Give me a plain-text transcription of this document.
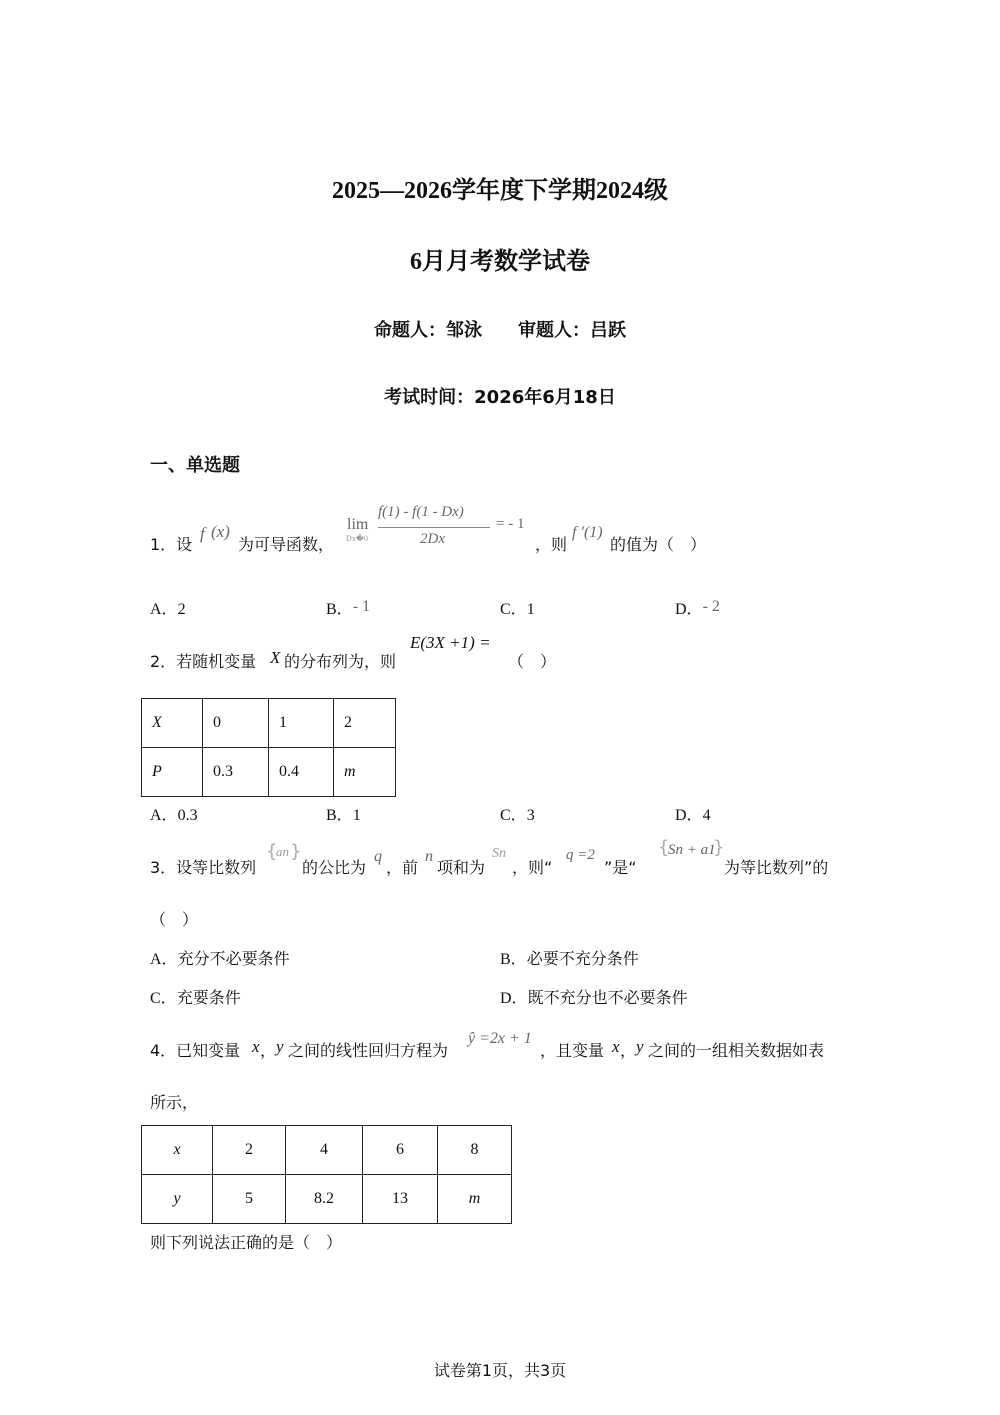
2025—2026学年度下学期2024级
6月月考数学试卷
命题人：邹泳　　审题人：吕跃
考试时间：2026年6月18日
一、单选题
1．设
f (x)
为可导函数，
lim
Dx�0
f(1) - f(1 - Dx)
2Dx
= - 1
，则
f ′(1)
的值为（　）
A．2	B．- 1	C．1	D．- 2
2．若随机变量 X 的分布列为，则
E(3X +1) =
（　）
X	0	1	2
P	0.3	0.4	m
A．0.3	B．1	C．3	D．4
3．设等比数列
{
an }
的公比为
q
，前
n
项和为
Sn
，则“
q =2
”是“
{
Sn + a1
}
为等比数列”的
（　）
A．充分不必要条件	B．必要不充分条件
C．充要条件	D．既不充分也不必要条件
4．已知变量 x ， y 之间的线性回归方程为
ŷ =2x + 1
，且变量 x ， y 之间的一组相关数据如表
所示，
x	2	4	6	8
y	5	8.2	13	m
则下列说法正确的是（　）
试卷第1页，共3页
